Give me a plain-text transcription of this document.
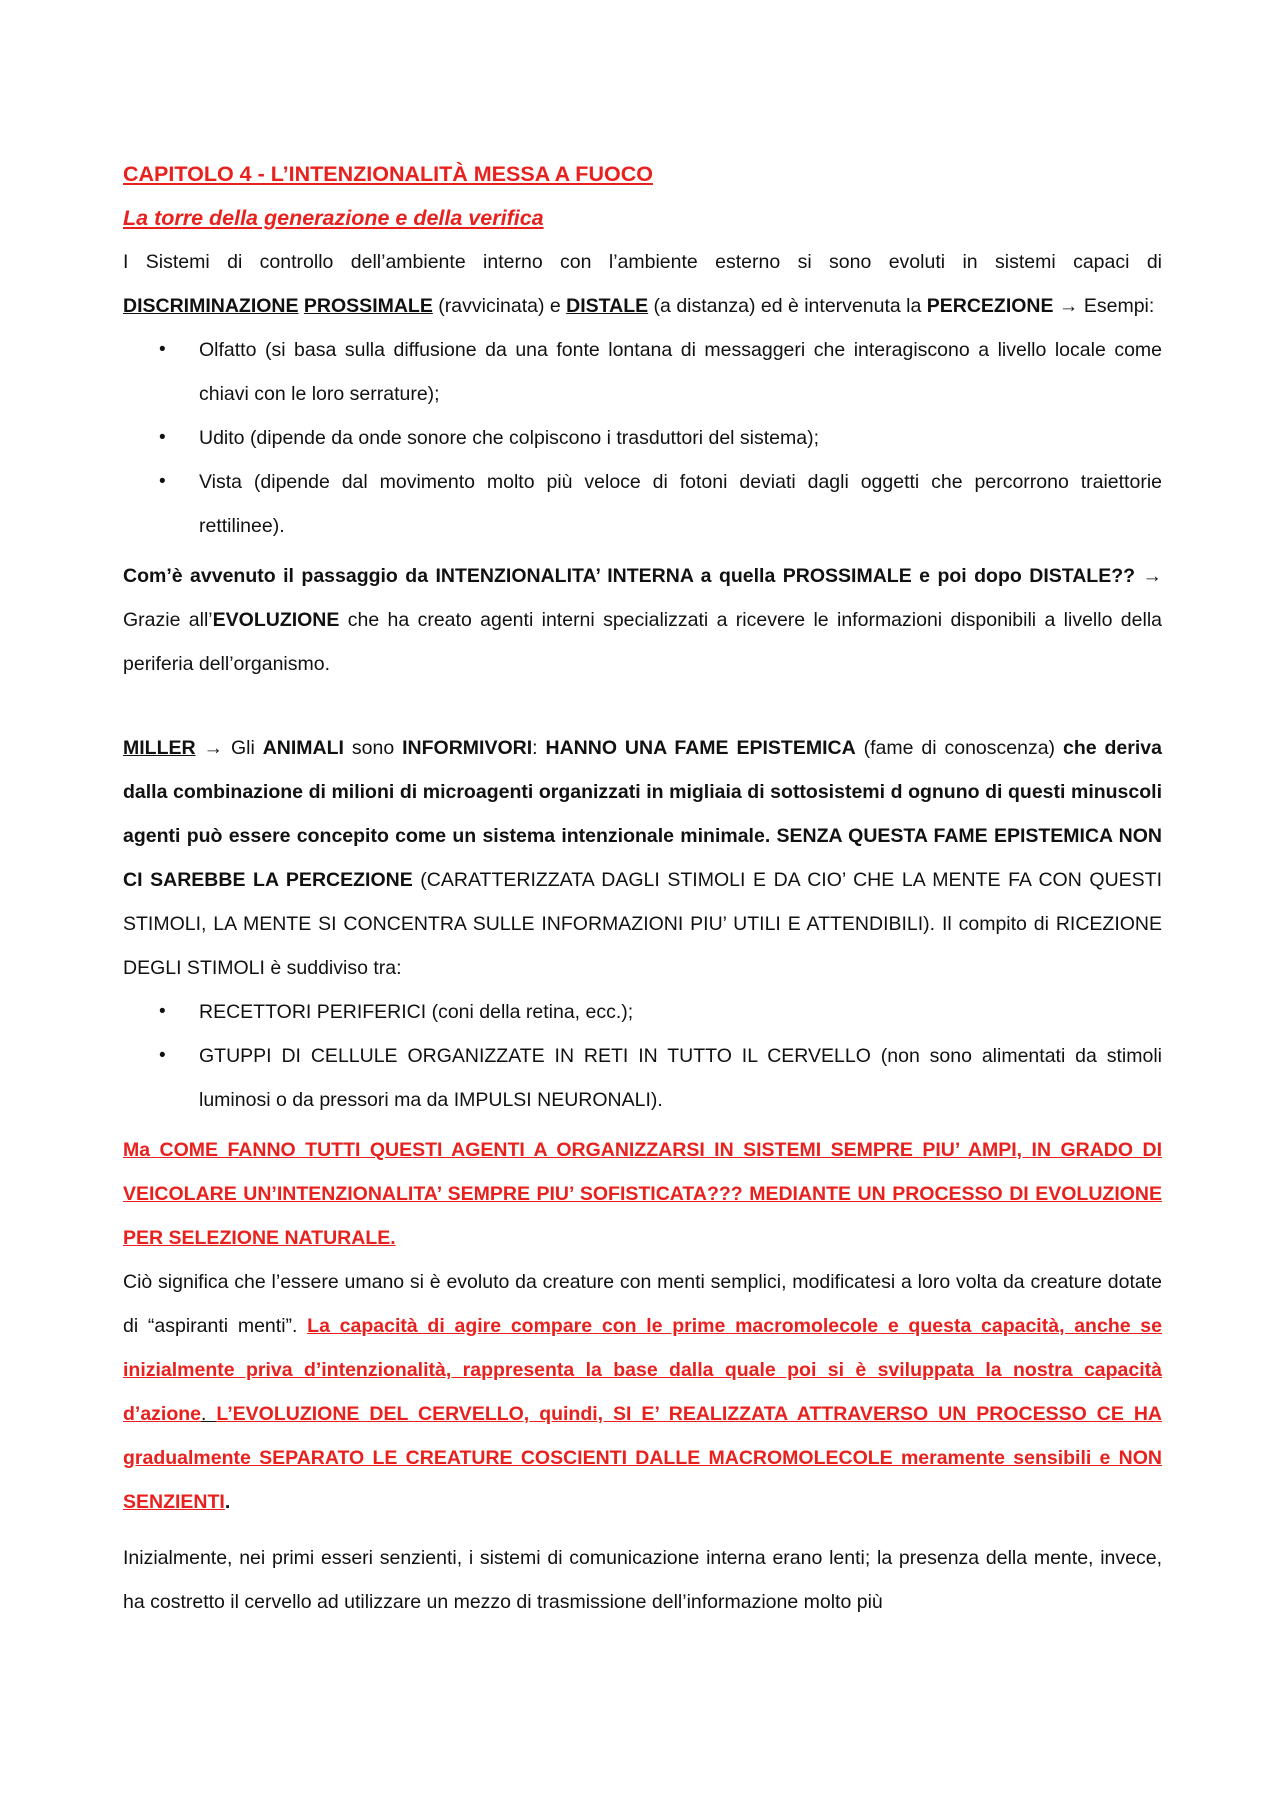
CAPITOLO 4 - L’INTENZIONALITÀ MESSA A FUOCO

La torre della generazione e della verifica

I Sistemi di controllo dell’ambiente interno con l’ambiente esterno si sono evoluti in sistemi capaci di DISCRIMINAZIONE PROSSIMALE (ravvicinata) e DISTALE (a distanza) ed è intervenuta la PERCEZIONE → Esempi:

• Olfatto (si basa sulla diffusione da una fonte lontana di messaggeri che interagiscono a livello locale come chiavi con le loro serrature);
• Udito (dipende da onde sonore che colpiscono i trasduttori del sistema);
• Vista (dipende dal movimento molto più veloce di fotoni deviati dagli oggetti che percorrono traiettorie rettilinee).

Com’è avvenuto il passaggio da INTENZIONALITA’ INTERNA a quella PROSSIMALE e poi dopo DISTALE?? → Grazie all’EVOLUZIONE che ha creato agenti interni specializzati a ricevere le informazioni disponibili a livello della periferia dell’organismo.

MILLER → Gli ANIMALI sono INFORMIVORI: HANNO UNA FAME EPISTEMICA (fame di conoscenza) che deriva dalla combinazione di milioni di microagenti organizzati in migliaia di sottosistemi d ognuno di questi minuscoli agenti può essere concepito come un sistema intenzionale minimale. SENZA QUESTA FAME EPISTEMICA NON CI SAREBBE LA PERCEZIONE (CARATTERIZZATA DAGLI STIMOLI E DA CIO’ CHE LA MENTE FA CON QUESTI STIMOLI, LA MENTE SI CONCENTRA SULLE INFORMAZIONI PIU’ UTILI E ATTENDIBILI). Il compito di RICEZIONE DEGLI STIMOLI è suddiviso tra:

• RECETTORI PERIFERICI (coni della retina, ecc.);
• GTUPPI DI CELLULE ORGANIZZATE IN RETI IN TUTTO IL CERVELLO (non sono alimentati da stimoli luminosi o da pressori ma da IMPULSI NEURONALI).

Ma COME FANNO TUTTI QUESTI AGENTI A ORGANIZZARSI IN SISTEMI SEMPRE PIU’ AMPI, IN GRADO DI VEICOLARE UN’INTENZIONALITA’ SEMPRE PIU’ SOFISTICATA??? MEDIANTE UN PROCESSO DI EVOLUZIONE PER SELEZIONE NATURALE.

Ciò significa che l’essere umano si è evoluto da creature con menti semplici, modificatesi a loro volta da creature dotate di “aspiranti menti”. La capacità di agire compare con le prime macromolecole e questa capacità, anche se inizialmente priva d’intenzionalità, rappresenta la base dalla quale poi si è sviluppata la nostra capacità d’azione. L’EVOLUZIONE DEL CERVELLO, quindi, SI E’ REALIZZATA ATTRAVERSO UN PROCESSO CE HA gradualmente SEPARATO LE CREATURE COSCIENTI DALLE MACROMOLECOLE meramente sensibili e NON SENZIENTI.

Inizialmente, nei primi esseri senzienti, i sistemi di comunicazione interna erano lenti; la presenza della mente, invece, ha costretto il cervello ad utilizzare un mezzo di trasmissione dell’informazione molto più
